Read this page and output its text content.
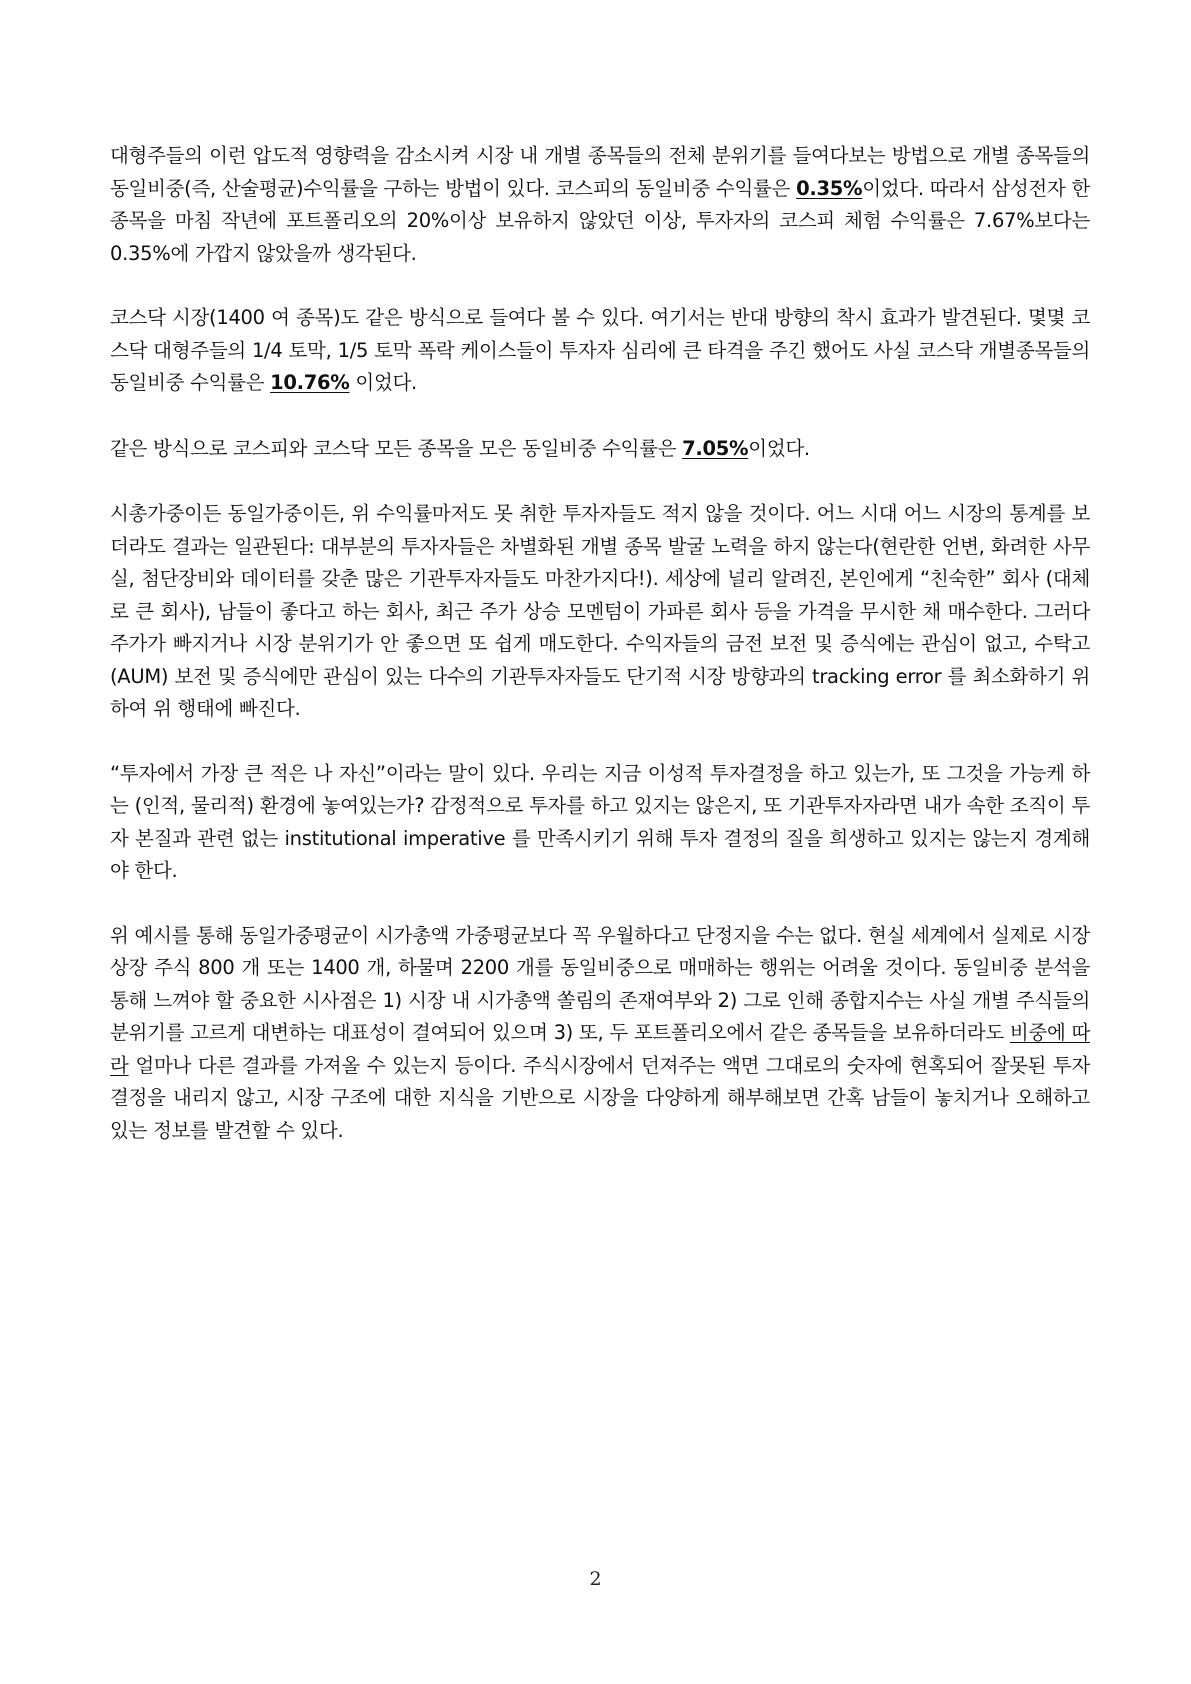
대형주들의 이런 압도적 영향력을 감소시켜 시장 내 개별 종목들의 전체 분위기를 들여다보는 방법으로 개별 종목들의 동일비중(즉, 산술평균)수익률을 구하는 방법이 있다. 코스피의 동일비중 수익률은 0.35%이었다. 따라서 삼성전자 한 종목을 마침 작년에 포트폴리오의 20%이상 보유하지 않았던 이상, 투자자의 코스피 체험 수익률은 7.67%보다는 0.35%에 가깝지 않았을까 생각된다.

코스닥 시장(1400 여 종목)도 같은 방식으로 들여다 볼 수 있다. 여기서는 반대 방향의 착시 효과가 발견된다. 몇몇 코스닥 대형주들의 1/4 토막, 1/5 토막 폭락 케이스들이 투자자 심리에 큰 타격을 주긴 했어도 사실 코스닥 개별종목들의 동일비중 수익률은 10.76% 이었다.

같은 방식으로 코스피와 코스닥 모든 종목을 모은 동일비중 수익률은 7.05%이었다.

시총가중이든 동일가중이든, 위 수익률마저도 못 취한 투자자들도 적지 않을 것이다. 어느 시대 어느 시장의 통계를 보더라도 결과는 일관된다: 대부분의 투자자들은 차별화된 개별 종목 발굴 노력을 하지 않는다(현란한 언변, 화려한 사무실, 첨단장비와 데이터를 갖춘 많은 기관투자자들도 마찬가지다!). 세상에 널리 알려진, 본인에게 “친숙한” 회사 (대체로 큰 회사), 남들이 좋다고 하는 회사, 최근 주가 상승 모멘텀이 가파른 회사 등을 가격을 무시한 채 매수한다. 그러다 주가가 빠지거나 시장 분위기가 안 좋으면 또 쉽게 매도한다. 수익자들의 금전 보전 및 증식에는 관심이 없고, 수탁고(AUM) 보전 및 증식에만 관심이 있는 다수의 기관투자자들도 단기적 시장 방향과의 tracking error 를 최소화하기 위하여 위 행태에 빠진다.

“투자에서 가장 큰 적은 나 자신”이라는 말이 있다. 우리는 지금 이성적 투자결정을 하고 있는가, 또 그것을 가능케 하는 (인적, 물리적) 환경에 놓여있는가? 감정적으로 투자를 하고 있지는 않은지, 또 기관투자자라면 내가 속한 조직이 투자 본질과 관련 없는 institutional imperative 를 만족시키기 위해 투자 결정의 질을 희생하고 있지는 않는지 경계해야 한다.

위 예시를 통해 동일가중평균이 시가총액 가중평균보다 꼭 우월하다고 단정지을 수는 없다. 현실 세계에서 실제로 시장 상장 주식 800 개 또는 1400 개, 하물며 2200 개를 동일비중으로 매매하는 행위는 어려울 것이다. 동일비중 분석을 통해 느껴야 할 중요한 시사점은 1) 시장 내 시가총액 쏠림의 존재여부와 2) 그로 인해 종합지수는 사실 개별 주식들의 분위기를 고르게 대변하는 대표성이 결여되어 있으며 3) 또, 두 포트폴리오에서 같은 종목들을 보유하더라도 비중에 따라 얼마나 다른 결과를 가져올 수 있는지 등이다. 주식시장에서 던져주는 액면 그대로의 숫자에 현혹되어 잘못된 투자결정을 내리지 않고, 시장 구조에 대한 지식을 기반으로 시장을 다양하게 해부해보면 간혹 남들이 놓치거나 오해하고 있는 정보를 발견할 수 있다.

2
